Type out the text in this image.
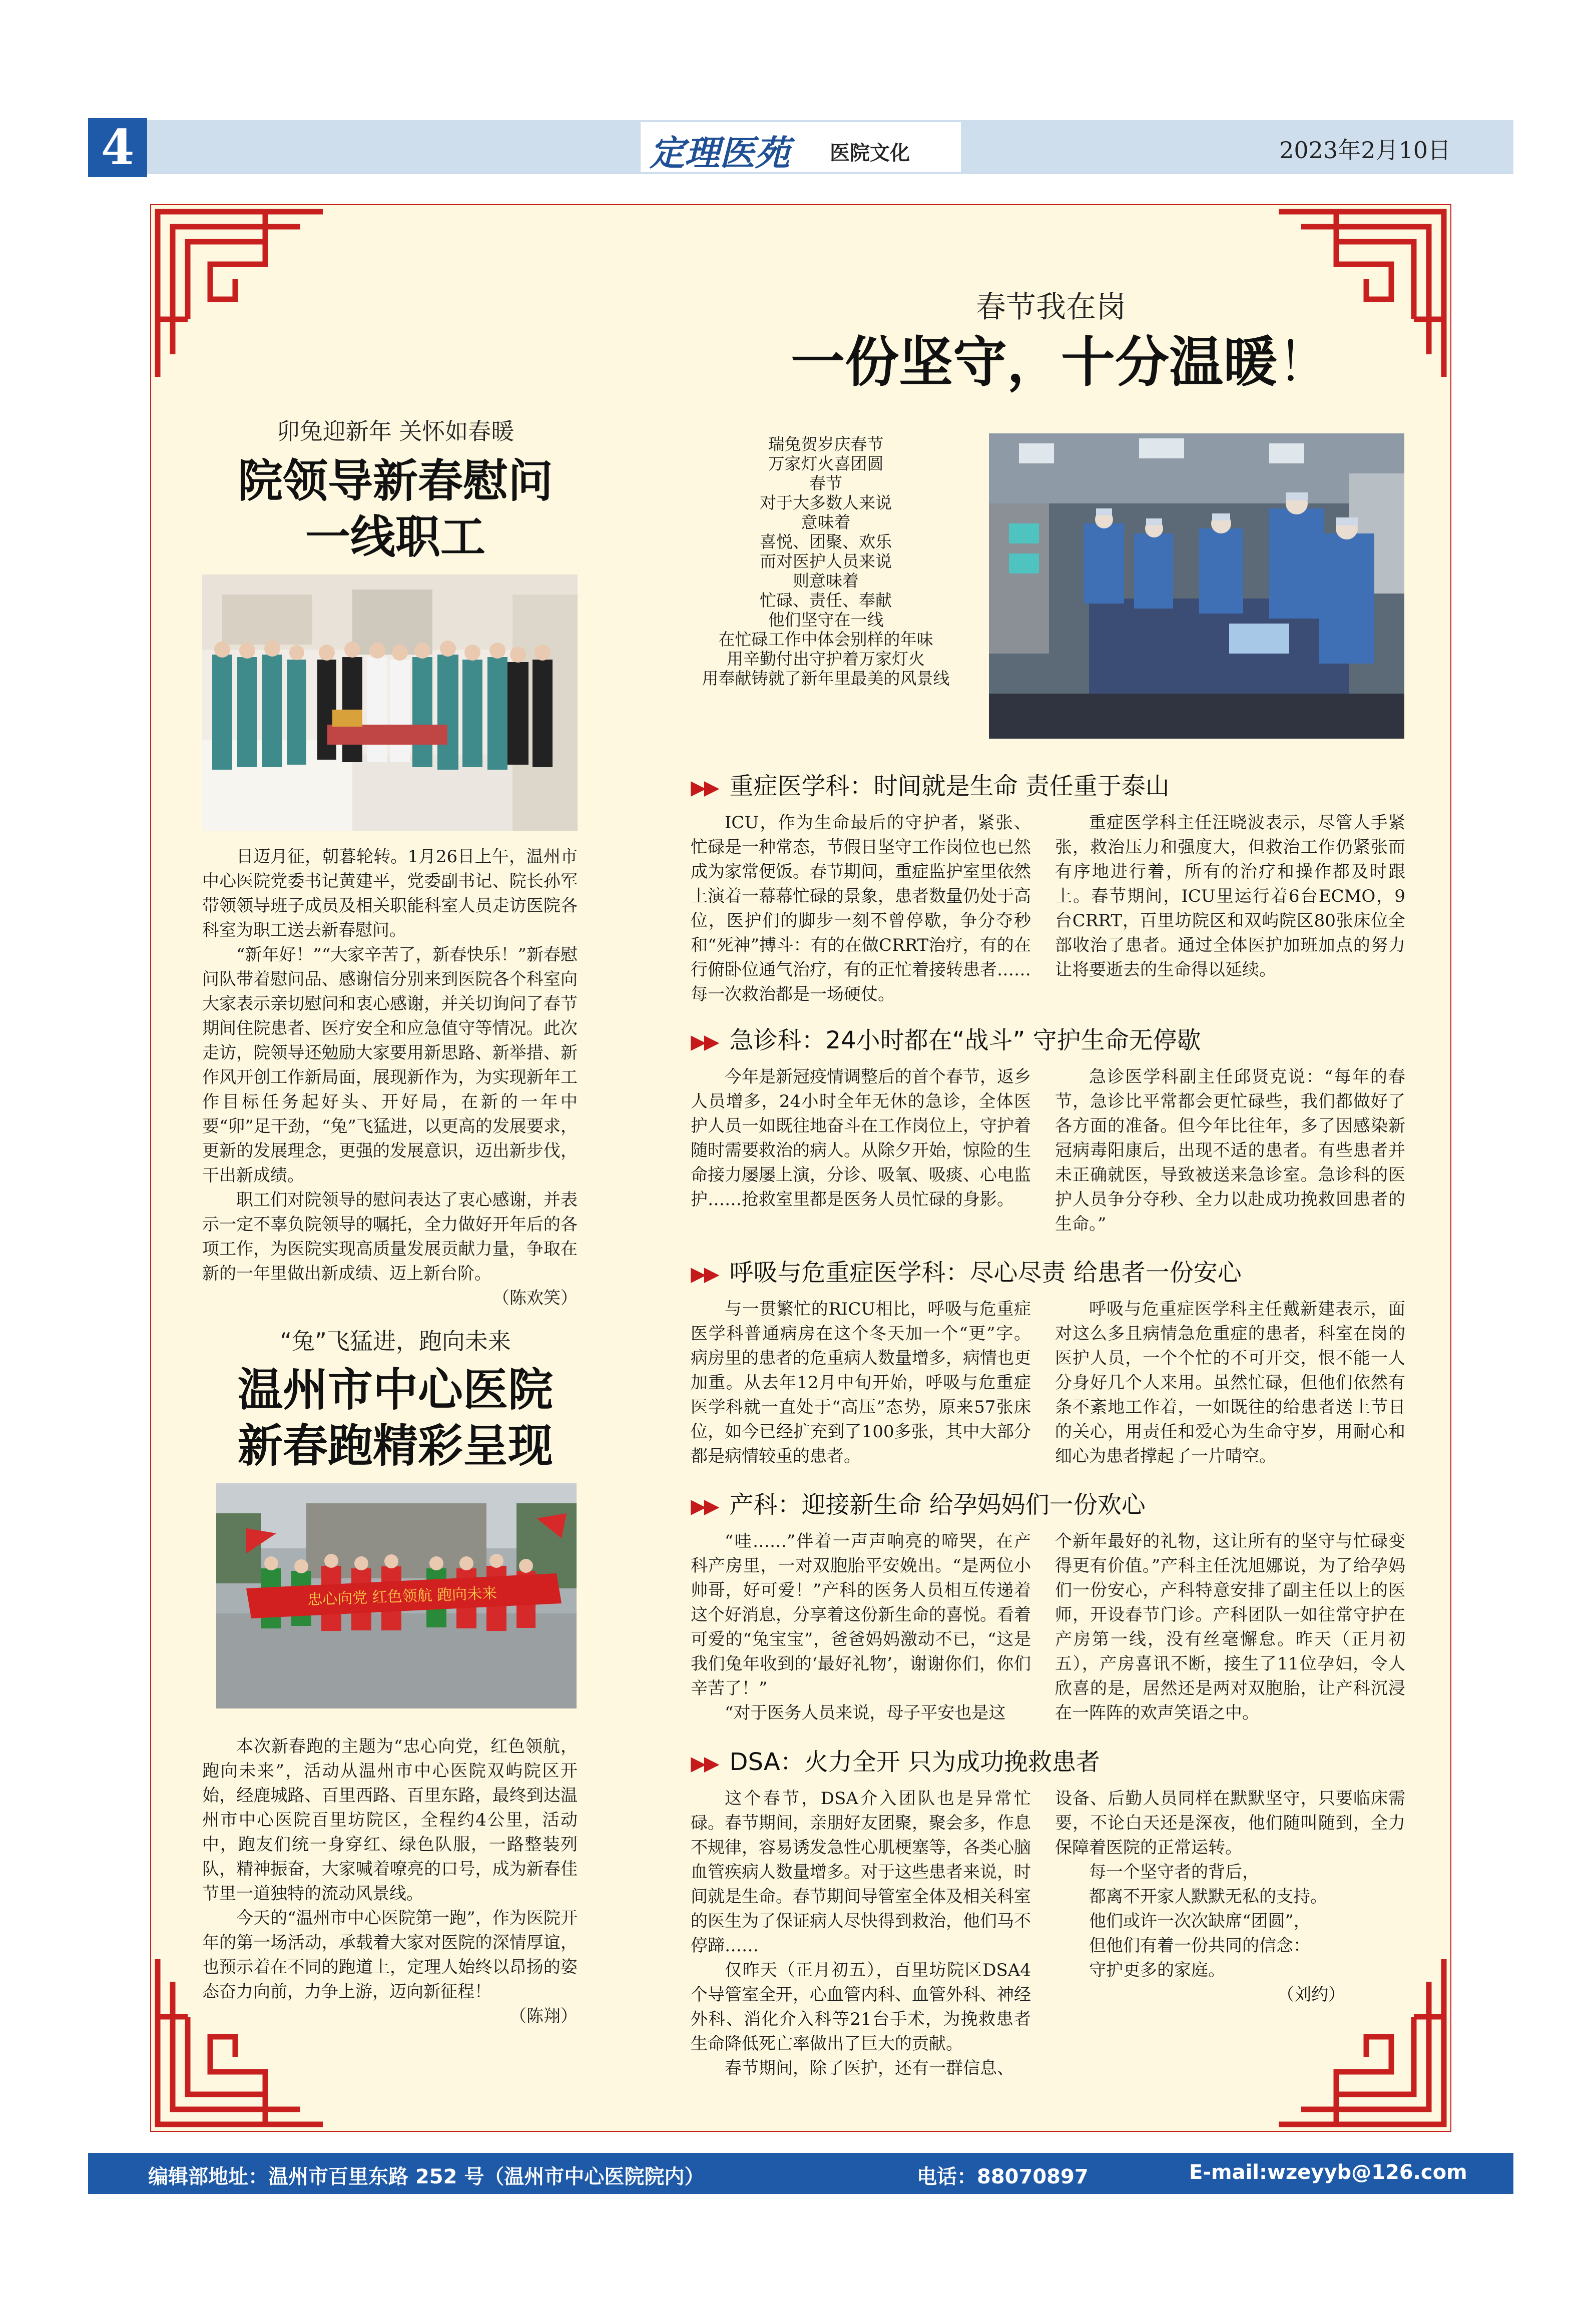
4	定理医苑 医院文化	2023年2月10日
卯兔迎新年 关怀如春暖
院领导新春慰问
一线职工

日迈月征，朝暮轮转。1月26日上午，温州市中心医院党委书记黄建平，党委副书记、院长孙军带领领导班子成员及相关职能科室人员走访医院各科室为职工送去新春慰问。

“新年好！”“大家辛苦了，新春快乐！”新春慰问队带着慰问品、感谢信分别来到医院各个科室向大家表示亲切慰问和衷心感谢，并关切询问了春节期间住院患者、医疗安全和应急值守等情况。此次走访，院领导还勉励大家要用新思路、新举措、新作风开创工作新局面，展现新作为，为实现新年工作目标任务起好头、开好局，在新的一年中要“卯”足干劲，“兔”飞猛进，以更高的发展要求，更新的发展理念，更强的发展意识，迈出新步伐，干出新成绩。

职工们对院领导的慰问表达了衷心感谢，并表示一定不辜负院领导的嘱托，全力做好开年后的各项工作，为医院实现高质量发展贡献力量，争取在新的一年里做出新成绩、迈上新台阶。

（陈欢笑）
“兔”飞猛进，跑向未来
温州市中心医院
新春跑精彩呈现
忠心向党 红色领航 跑向未来

本次新春跑的主题为“忠心向党，红色领航，跑向未来”，活动从温州市中心医院双屿院区开始，经鹿城路、百里西路、百里东路，最终到达温州市中心医院百里坊院区，全程约4公里，活动中，跑友们统一身穿红、绿色队服，一路整装列队，精神振奋，大家喊着嘹亮的口号，成为新春佳节里一道独特的流动风景线。

今天的“温州市中心医院第一跑”，作为医院开年的第一场活动，承载着大家对医院的深情厚谊，也预示着在不同的跑道上，定理人始终以昂扬的姿态奋力向前，力争上游，迈向新征程！

（陈翔）
春节我在岗
一份坚守，十分温暖！
瑞兔贺岁庆春节
万家灯火喜团圆
春节
对于大多数人来说
意味着
喜悦、团聚、欢乐
而对医护人员来说
则意味着
忙碌、责任、奉献
他们坚守在一线
在忙碌工作中体会别样的年味
用辛勤付出守护着万家灯火
用奉献铸就了新年里最美的风景线
▶▶ 重症医学科：时间就是生命 责任重于泰山

ICU，作为生命最后的守护者，紧张、忙碌是一种常态，节假日坚守工作岗位也已然成为家常便饭。春节期间，重症监护室里依然上演着一幕幕忙碌的景象，患者数量仍处于高位，医护们的脚步一刻不曾停歇，争分夺秒和“死神”搏斗：有的在做CRRT治疗，有的在行俯卧位通气治疗，有的正忙着接转患者……每一次救治都是一场硬仗。

重症医学科主任汪晓波表示，尽管人手紧张，救治压力和强度大，但救治工作仍紧张而有序地进行着，所有的治疗和操作都及时跟上。春节期间，ICU里运行着6台ECMO，9台CRRT，百里坊院区和双屿院区80张床位全部收治了患者。通过全体医护加班加点的努力让将要逝去的生命得以延续。

▶▶ 急诊科：24小时都在“战斗” 守护生命无停歇

今年是新冠疫情调整后的首个春节，返乡人员增多，24小时全年无休的急诊，全体医护人员一如既往地奋斗在工作岗位上，守护着随时需要救治的病人。从除夕开始，惊险的生命接力屡屡上演，分诊、吸氧、吸痰、心电监护……抢救室里都是医务人员忙碌的身影。

急诊医学科副主任邱贤克说：“每年的春节，急诊比平常都会更忙碌些，我们都做好了各方面的准备。但今年比往年，多了因感染新冠病毒阳康后，出现不适的患者。有些患者并未正确就医，导致被送来急诊室。急诊科的医护人员争分夺秒、全力以赴成功挽救回患者的生命。”

▶▶ 呼吸与危重症医学科：尽心尽责 给患者一份安心

与一贯繁忙的RICU相比，呼吸与危重症医学科普通病房在这个冬天加一个“更”字。病房里的患者的危重病人数量增多，病情也更加重。从去年12月中旬开始，呼吸与危重症医学科就一直处于“高压”态势，原来57张床位，如今已经扩充到了100多张，其中大部分都是病情较重的患者。

呼吸与危重症医学科主任戴新建表示，面对这么多且病情急危重症的患者，科室在岗的医护人员，一个个忙的不可开交，恨不能一人分身好几个人来用。虽然忙碌，但他们依然有条不紊地工作着，一如既往的给患者送上节日的关心，用责任和爱心为生命守岁，用耐心和细心为患者撑起了一片晴空。

▶▶ 产科：迎接新生命 给孕妈妈们一份欢心

“哇……”伴着一声声响亮的啼哭，在产科产房里，一对双胞胎平安娩出。“是两位小帅哥，好可爱！”产科的医务人员相互传递着这个好消息，分享着这份新生命的喜悦。看着可爱的“兔宝宝”，爸爸妈妈激动不已，“这是我们兔年收到的‘最好礼物’，谢谢你们，你们辛苦了！”

“对于医务人员来说，母子平安也是这

个新年最好的礼物，这让所有的坚守与忙碌变得更有价值。”产科主任沈旭娜说，为了给孕妈们一份安心，产科特意安排了副主任以上的医师，开设春节门诊。产科团队一如往常守护在产房第一线，没有丝毫懈怠。昨天（正月初五），产房喜讯不断，接生了11位孕妇，令人欣喜的是，居然还是两对双胞胎，让产科沉浸在一阵阵的欢声笑语之中。

▶▶ DSA：火力全开 只为成功挽救患者

这个春节，DSA介入团队也是异常忙碌。春节期间，亲朋好友团聚，聚会多，作息不规律，容易诱发急性心肌梗塞等，各类心脑血管疾病人数量增多。对于这些患者来说，时间就是生命。春节期间导管室全体及相关科室的医生为了保证病人尽快得到救治，他们马不停蹄……

仅昨天（正月初五），百里坊院区DSA4个导管室全开，心血管内科、血管外科、神经外科、消化介入科等21台手术，为挽救患者生命降低死亡率做出了巨大的贡献。

春节期间，除了医护，还有一群信息、

设备、后勤人员同样在默默坚守，只要临床需要，不论白天还是深夜，他们随叫随到，全力保障着医院的正常运转。

每一个坚守者的背后，
都离不开家人默默无私的支持。
他们或许一次次缺席“团圆”，
但他们有着一份共同的信念：
守护更多的家庭。
（刘约）
编辑部地址：温州市百里东路 252 号（温州市中心医院院内）	电话：88070897	E-mail:wzeyyb@126.com
